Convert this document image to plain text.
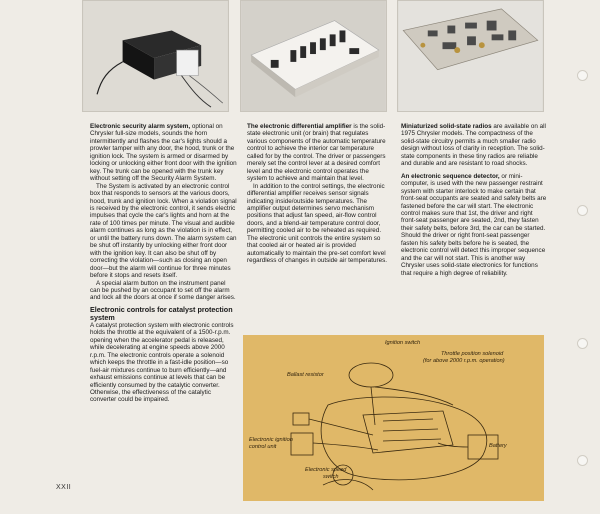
Electronic security alarm system, optional on Chrysler full-size models, sounds the horn intermittently and flashes the car's lights should a prowler tamper with any door, the hood, trunk or the ignition lock. The system is armed or disarmed by locking or unlocking either front door with the ignition key. The trunk can be opened with the trunk key without setting off the Security Alarm System.

The System is activated by an electronic control box that responds to sensors at the various doors, hood, trunk and ignition lock. When a violation signal is received by the electronic control, it sends electric impulses that cycle the car's lights and horn at the rate of 100 times per minute. The visual and audible alarm continues as long as the violation is in effect, or until the battery runs down. The alarm system can be shut off instantly by unlocking either front door with the ignition key. It can also be shut off by correcting the violation—such as closing an open door—but the alarm will continue for three minutes before it stops and resets itself.

A special alarm button on the instrument panel can be pushed by an occupant to set off the alarm and lock all the doors at once if some danger arises.

Electronic controls for catalyst protection system

A catalyst protection system with electronic controls holds the throttle at the equivalent of a 1500-r.p.m. opening when the accelerator pedal is released, while decelerating at engine speeds above 2000 r.p.m. The electronic controls operate a solenoid which keeps the throttle in a fast-idle position—so fuel-air mixtures continue to burn efficiently—and exhaust emissions continue at levels that can be efficiently consumed by the catalytic converter. Otherwise, the effectiveness of the catalytic converter could be impaired.

The electronic differential amplifier is the solid-state electronic unit (or brain) that regulates various components of the automatic temperature control to achieve the interior car temperature called for by the control. The driver or passengers merely set the control lever at a desired comfort level and the electronic control operates the system to achieve and maintain that level.

In addition to the control settings, the electronic differential amplifier receives sensor signals indicating inside/outside temperatures. The amplifier output determines servo mechanism positions that adjust fan speed, air-flow control doors, and a blend-air temperature control door, permitting cooled air to be reheated as required. The electronic unit controls the entire system so that cooled air or heated air is provided automatically to maintain the pre-set comfort level regardless of changes in outside air temperatures.

Miniaturized solid-state radios are available on all 1975 Chrysler models. The compactness of the solid-state circuitry permits a much smaller radio design without loss of clarity in reception. The solid-state components in these tiny radios are reliable and durable and are resistant to road shocks.

An electronic sequence detector, or mini-computer, is used with the new passenger restraint system with starter interlock to make certain that front-seat occupants are seated and safety belts are fastened before the car will start. The electronic control makes sure that 1st, the driver and right front-seat passenger are seated, 2nd, they fasten their safety belts, before 3rd, the car can be started. Should the driver or right front-seat passenger fasten his safety belts before he is seated, the electronic control will detect this improper sequence and the car will not start. This is another way Chrysler uses solid-state electronics for functions that require a high degree of reliability.

Ignition switch
Throttle position solenoid
(for above 2000 r.p.m. operation)
Ballast resistor
Electronic ignition
control unit	Battery
Electronic speed
switch
XXII
